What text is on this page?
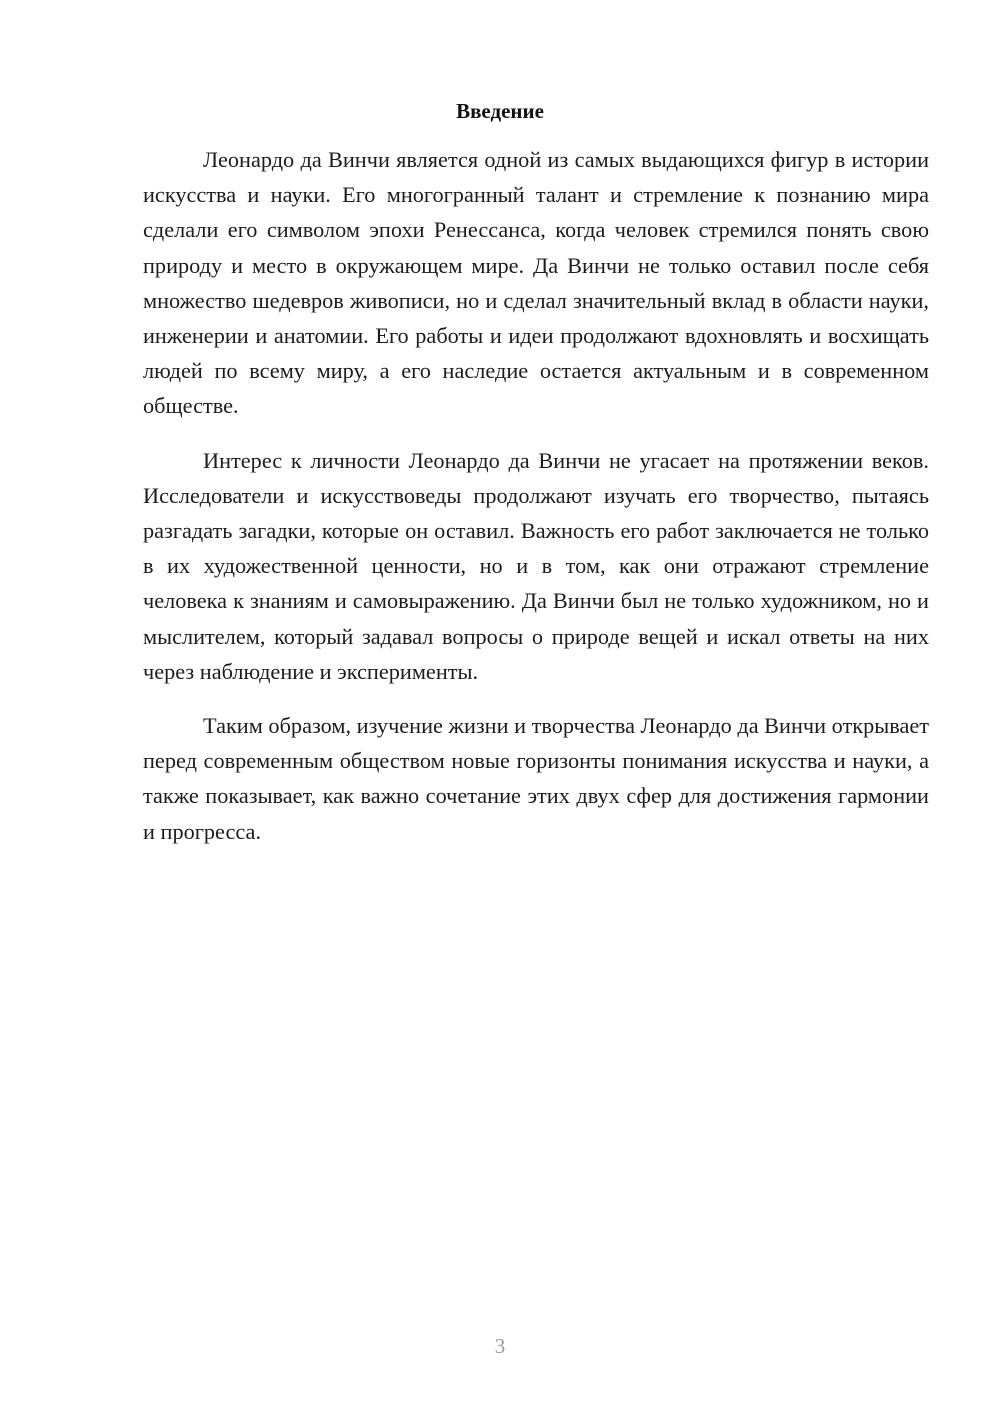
Введение

Леонардо да Винчи является одной из самых выдающихся фигур в истории искусства и науки. Его многогранный талант и стремление к познанию мира сделали его символом эпохи Ренессанса, когда человек стремился понять свою природу и место в окружающем мире. Да Винчи не только оставил после себя множество шедевров живописи, но и сделал значительный вклад в области науки, инженерии и анатомии. Его работы и идеи продолжают вдохновлять и восхищать людей по всему миру, а его наследие остается актуальным и в современном обществе.

Интерес к личности Леонардо да Винчи не угасает на протяжении веков. Исследователи и искусствоведы продолжают изучать его творчество, пытаясь разгадать загадки, которые он оставил. Важность его работ заключается не только в их художественной ценности, но и в том, как они отражают стремление человека к знаниям и самовыражению. Да Винчи был не только художником, но и мыслителем, который задавал вопросы о природе вещей и искал ответы на них через наблюдение и эксперименты.

Таким образом, изучение жизни и творчества Леонардо да Винчи открывает перед современным обществом новые горизонты понимания искусства и науки, а также показывает, как важно сочетание этих двух сфер для достижения гармонии и прогресса.

3
